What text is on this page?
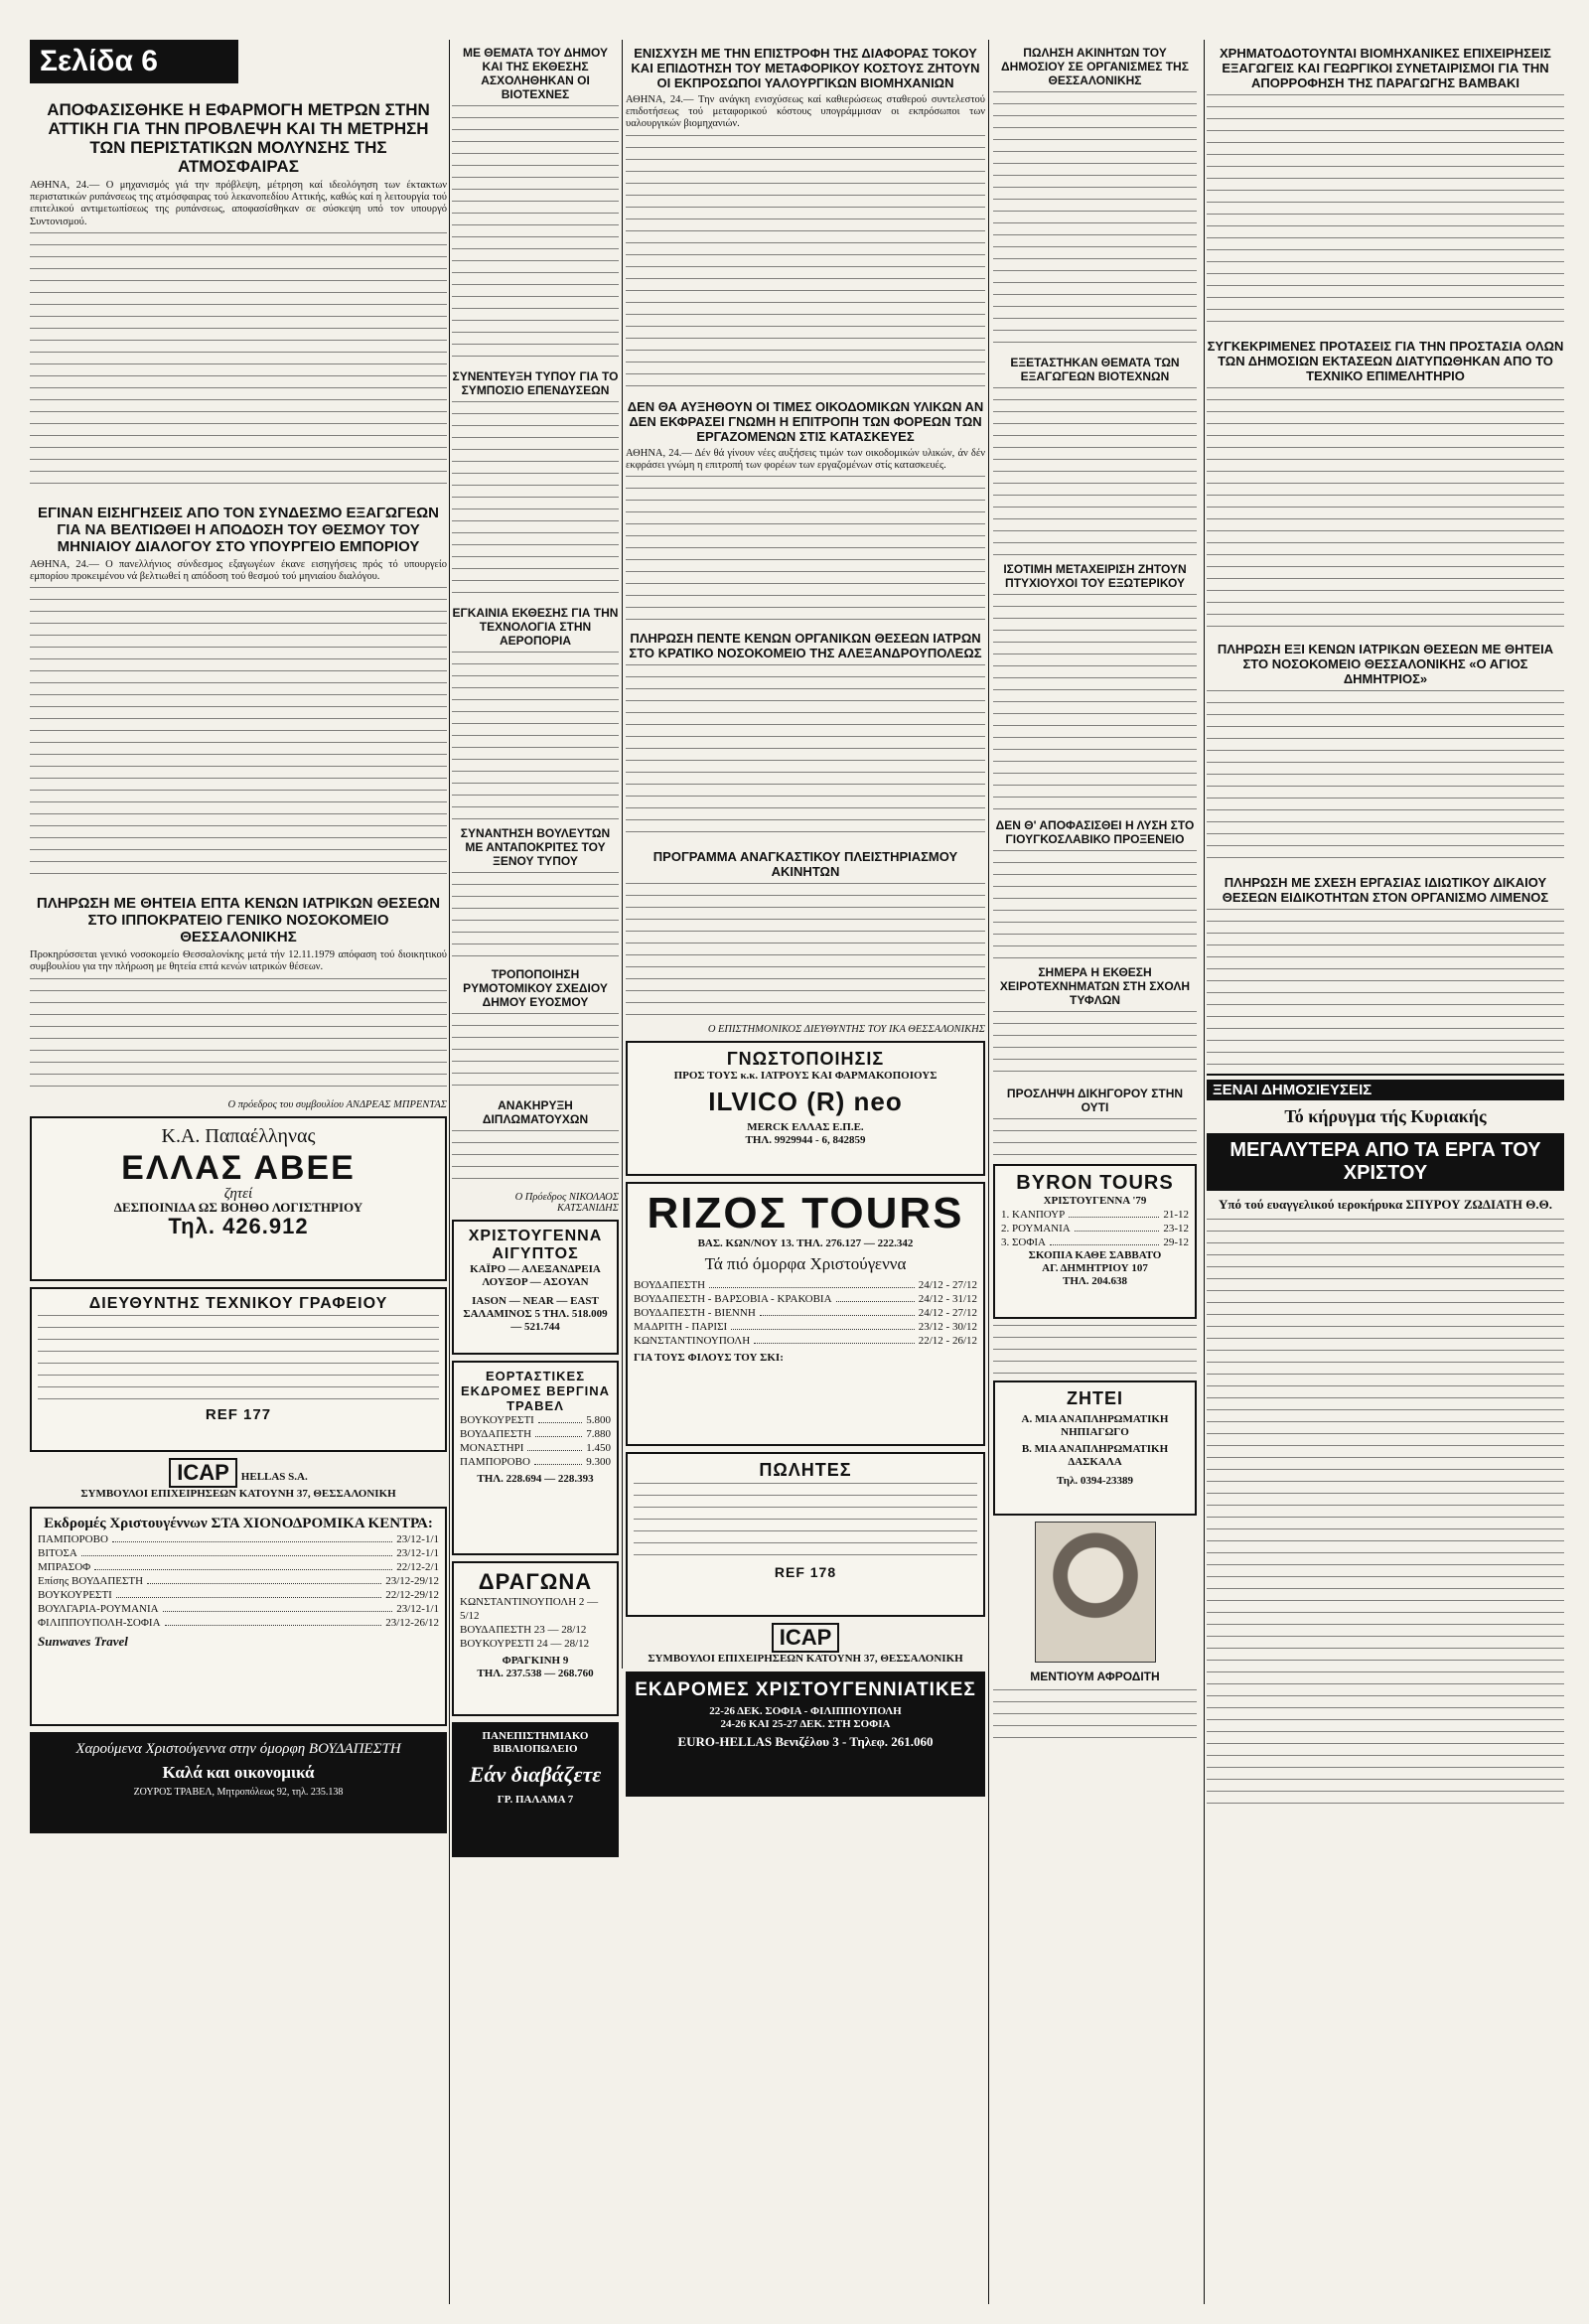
Σελίδα 6
ΑΠΟΦΑΣΙΣΘΗΚΕ Η ΕΦΑΡΜΟΓΗ ΜΕΤΡΩΝ ΣΤΗΝ ΑΤΤΙΚΗ ΓΙΑ ΤΗΝ ΠΡΟΒΛΕΨΗ ΚΑΙ ΤΗ ΜΕΤΡΗΣΗ ΤΩΝ ΠΕΡΙΣΤΑΤΙΚΩΝ ΜΟΛΥΝΣΗΣ ΤΗΣ ΑΤΜΟΣΦΑΙΡΑΣ

ΑΘΗΝΑ, 24.— Ο μηχανισμός γιά την πρόβλεψη, μέτρηση καί ιδεολόγηση των έκτακτων περιστατικών ρυπάνσεως της ατμόσφαιρας τού λεκανοπεδίου Αττικής, καθώς καί η λειτουργία τού επιτελικού αντιμετωπίσεως της ρυπάνσεως, αποφασίσθηκαν σε σύσκεψη υπό τον υπουργό Συντονισμού.

ΕΓΙΝΑΝ ΕΙΣΗΓΗΣΕΙΣ ΑΠΟ ΤΟΝ ΣΥΝΔΕΣΜΟ ΕΞΑΓΩΓΕΩΝ ΓΙΑ ΝΑ ΒΕΛΤΙΩΘΕΙ Η ΑΠΟΔΟΣΗ ΤΟΥ ΘΕΣΜΟΥ ΤΟΥ ΜΗΝΙΑΙΟΥ ΔΙΑΛΟΓΟΥ ΣΤΟ ΥΠΟΥΡΓΕΙΟ ΕΜΠΟΡΙΟΥ

ΑΘΗΝΑ, 24.— Ο πανελλήνιος σύνδεσμος εξαγωγέων έκανε εισηγήσεις πρός τό υπουργείο εμπορίου προκειμένου νά βελτιωθεί η απόδοση τού θεσμού τού μηνιαίου διαλόγου.

ΠΛΗΡΩΣΗ ΜΕ ΘΗΤΕΙΑ ΕΠΤΑ ΚΕΝΩΝ ΙΑΤΡΙΚΩΝ ΘΕΣΕΩΝ ΣΤΟ ΙΠΠΟΚΡΑΤΕΙΟ ΓΕΝΙΚΟ ΝΟΣΟΚΟΜΕΙΟ ΘΕΣΣΑΛΟΝΙΚΗΣ

Προκηρύσσεται γενικό νοσοκομείο Θεσσαλονίκης μετά τήν 12.11.1979 απόφαση τού διοικητικού συμβουλίου για την πλήρωση με θητεία επτά κενών ιατρικών θέσεων.

Ο πρόεδρος του συμβουλίου ΑΝΔΡΕΑΣ ΜΠΡΕΝΤΑΣ
Κ.Α. Παπαέλληνας
ΕΛΛΑΣ ΑΒΕΕ
ζητεί
ΔΕΣΠΟΙΝΙΔΑ ΩΣ ΒΟΗΘΟ ΛΟΓΙΣΤΗΡΙΟΥ
Τηλ. 426.912
ΔΙΕΥΘΥΝΤΗΣ ΤΕΧΝΙΚΟΥ ΓΡΑΦΕΙΟΥ
REF 177
ICAP HELLAS S.A.
ΣΥΜΒΟΥΛΟΙ ΕΠΙΧΕΙΡΗΣΕΩΝ ΚΑΤΟΥΝΗ 37, ΘΕΣΣΑΛΟΝΙΚΗ
Εκδρομές Χριστουγέννων ΣΤΑ ΧΙΟΝΟΔΡΟΜΙΚΑ ΚΕΝΤΡΑ:
ΠΑΜΠΟΡΟΒΟ	23/12-1/1
ΒΙΤΟΣΑ	23/12-1/1
ΜΠΡΑΣΟΦ	22/12-2/1
Επίσης ΒΟΥΔΑΠΕΣΤΗ	23/12-29/12
ΒΟΥΚΟΥΡΕΣΤΙ	22/12-29/12
ΒΟΥΛΓΑΡΙΑ-ΡΟΥΜΑΝΙΑ	23/12-1/1
ΦΙΛΙΠΠΟΥΠΟΛΗ-ΣΟΦΙΑ	23/12-26/12
Sunwaves Travel
Χαρούμενα Χριστούγεννα στην όμορφη ΒΟΥΔΑΠΕΣΤΗ
Καλά και οικονομικά
ΖΟΥΡΟΣ ΤΡΑΒΕΛ, Μητροπόλεως 92, τηλ. 235.138
ΜΕ ΘΕΜΑΤΑ ΤΟΥ ΔΗΜΟΥ ΚΑΙ ΤΗΣ ΕΚΘΕΣΗΣ ΑΣΧΟΛΗΘΗΚΑΝ ΟΙ ΒΙΟΤΕΧΝΕΣ
ΣΥΝΕΝΤΕΥΞΗ ΤΥΠΟΥ ΓΙΑ ΤΟ ΣΥΜΠΟΣΙΟ ΕΠΕΝΔΥΣΕΩΝ
ΕΓΚΑΙΝΙΑ ΕΚΘΕΣΗΣ ΓΙΑ ΤΗΝ ΤΕΧΝΟΛΟΓΙΑ ΣΤΗΝ ΑΕΡΟΠΟΡΙΑ
ΣΥΝΑΝΤΗΣΗ ΒΟΥΛΕΥΤΩΝ ΜΕ ΑΝΤΑΠΟΚΡΙΤΕΣ ΤΟΥ ΞΕΝΟΥ ΤΥΠΟΥ
ΤΡΟΠΟΠΟΙΗΣΗ ΡΥΜΟΤΟΜΙΚΟΥ ΣΧΕΔΙΟΥ ΔΗΜΟΥ ΕΥΟΣΜΟΥ
ΑΝΑΚΗΡΥΞΗ ΔΙΠΛΩΜΑΤΟΥΧΩΝ
Ο Πρόεδρος ΝΙΚΟΛΑΟΣ ΚΑΤΣΑΝΙΔΗΣ
ΧΡΙΣΤΟΥΓΕΝΝΑ ΑΙΓΥΠΤΟΣ
ΚΑΪΡΟ — ΑΛΕΞΑΝΔΡΕΙΑ ΛΟΥΞΟΡ — ΑΣΟΥΑΝ
IASON — NEAR — EAST ΣΑΛΑΜΙΝΟΣ 5 ΤΗΛ. 518.009 — 521.744
ΕΟΡΤΑΣΤΙΚΕΣ ΕΚΔΡΟΜΕΣ ΒΕΡΓΙΝΑ ΤΡΑΒΕΛ
ΒΟΥΚΟΥΡΕΣΤΙ	5.800
ΒΟΥΔΑΠΕΣΤΗ	7.880
ΜΟΝΑΣΤΗΡΙ	1.450
ΠΑΜΠΟΡΟΒΟ	9.300
ΤΗΛ. 228.694 — 228.393
ΔΡΑΓΩΝΑ
ΚΩΝΣΤΑΝΤΙΝΟΥΠΟΛΗ 2 — 5/12
ΒΟΥΔΑΠΕΣΤΗ 23 — 28/12
ΒΟΥΚΟΥΡΕΣΤΙ 24 — 28/12
ΦΡΑΓΚΙΝΗ 9
ΤΗΛ. 237.538 — 268.760
ΠΑΝΕΠΙΣΤΗΜΙΑΚΟ ΒΙΒΛΙΟΠΩΛΕΙΟ
Εάν διαβάζετε
ΓΡ. ΠΑΛΑΜΑ 7
ΕΝΙΣΧΥΣΗ ΜΕ ΤΗΝ ΕΠΙΣΤΡΟΦΗ ΤΗΣ ΔΙΑΦΟΡΑΣ ΤΟΚΟΥ ΚΑΙ ΕΠΙΔΟΤΗΣΗ ΤΟΥ ΜΕΤΑΦΟΡΙΚΟΥ ΚΟΣΤΟΥΣ ΖΗΤΟΥΝ ΟΙ ΕΚΠΡΟΣΩΠΟΙ ΥΑΛΟΥΡΓΙΚΩΝ ΒΙΟΜΗΧΑΝΙΩΝ

ΑΘΗΝΑ, 24.— Την ανάγκη ενισχύσεως καί καθιερώσεως σταθερού συντελεστού επιδοτήσεως τού μεταφορικού κόστους υπογράμμισαν οι εκπρόσωποι των υαλουργικών βιομηχανιών.

ΔΕΝ ΘΑ ΑΥΞΗΘΟΥΝ ΟΙ ΤΙΜΕΣ ΟΙΚΟΔΟΜΙΚΩΝ ΥΛΙΚΩΝ ΑΝ ΔΕΝ ΕΚΦΡΑΣΕΙ ΓΝΩΜΗ Η ΕΠΙΤΡΟΠΗ ΤΩΝ ΦΟΡΕΩΝ ΤΩΝ ΕΡΓΑΖΟΜΕΝΩΝ ΣΤΙΣ ΚΑΤΑΣΚΕΥΕΣ

ΑΘΗΝΑ, 24.— Δέν θά γίνουν νέες αυξήσεις τιμών των οικοδομικών υλικών, άν δέν εκφράσει γνώμη η επιτροπή των φορέων των εργαζομένων στίς κατασκευές.

ΠΛΗΡΩΣΗ ΠΕΝΤΕ ΚΕΝΩΝ ΟΡΓΑΝΙΚΩΝ ΘΕΣΕΩΝ ΙΑΤΡΩΝ ΣΤΟ ΚΡΑΤΙΚΟ ΝΟΣΟΚΟΜΕΙΟ ΤΗΣ ΑΛΕΞΑΝΔΡΟΥΠΟΛΕΩΣ
ΠΡΟΓΡΑΜΜΑ ΑΝΑΓΚΑΣΤΙΚΟΥ ΠΛΕΙΣΤΗΡΙΑΣΜΟΥ ΑΚΙΝΗΤΩΝ
Ο ΕΠΙΣΤΗΜΟΝΙΚΟΣ ΔΙΕΥΘΥΝΤΗΣ ΤΟΥ ΙΚΑ ΘΕΣΣΑΛΟΝΙΚΗΣ
ΓΝΩΣΤΟΠΟΙΗΣΙΣ
ΠΡΟΣ ΤΟΥΣ κ.κ. ΙΑΤΡΟΥΣ ΚΑΙ ΦΑΡΜΑΚΟΠΟΙΟΥΣ
ILVICO (R) neo
MERCK ΕΛΛΑΣ Ε.Π.Ε.
ΤΗΛ. 9929944 - 6, 842859
RIZOΣ TOURS
ΒΑΣ. ΚΩΝ/ΝΟΥ 13. ΤΗΛ. 276.127 — 222.342
Τά πιό όμορφα Χριστούγεννα
ΒΟΥΔΑΠΕΣΤΗ	24/12 - 27/12
ΒΟΥΔΑΠΕΣΤΗ - ΒΑΡΣΟΒΙΑ - ΚΡΑΚΟΒΙΑ	24/12 - 31/12
ΒΟΥΔΑΠΕΣΤΗ - ΒΙΕΝΝΗ	24/12 - 27/12
ΜΑΔΡΙΤΗ - ΠΑΡΙΣΙ	23/12 - 30/12
ΚΩΝΣΤΑΝΤΙΝΟΥΠΟΛΗ	22/12 - 26/12
ΓΙΑ ΤΟΥΣ ΦΙΛΟΥΣ ΤΟΥ ΣΚΙ:
ΠΩΛΗΤΕΣ
REF 178
ICAP
ΣΥΜΒΟΥΛΟΙ ΕΠΙΧΕΙΡΗΣΕΩΝ ΚΑΤΟΥΝΗ 37, ΘΕΣΣΑΛΟΝΙΚΗ
ΕΚΔΡΟΜΕΣ ΧΡΙΣΤΟΥΓΕΝΝΙΑΤΙΚΕΣ
22-26 ΔΕΚ. ΣΟΦΙΑ - ΦΙΛΙΠΠΟΥΠΟΛΗ
24-26 ΚΑΙ 25-27 ΔΕΚ. ΣΤΗ ΣΟΦΙΑ
EURO-HELLAS Βενιζέλου 3 - Τηλεφ. 261.060
ΠΩΛΗΣΗ ΑΚΙΝΗΤΩΝ ΤΟΥ ΔΗΜΟΣΙΟΥ ΣΕ ΟΡΓΑΝΙΣΜΕΣ ΤΗΣ ΘΕΣΣΑΛΟΝΙΚΗΣ
ΕΞΕΤΑΣΤΗΚΑΝ ΘΕΜΑΤΑ ΤΩΝ ΕΞΑΓΩΓΕΩΝ ΒΙΟΤΕΧΝΩΝ
ΙΣΟΤΙΜΗ ΜΕΤΑΧΕΙΡΙΣΗ ΖΗΤΟΥΝ ΠΤΥΧΙΟΥΧΟΙ ΤΟΥ ΕΞΩΤΕΡΙΚΟΥ
ΔΕΝ Θ' ΑΠΟΦΑΣΙΣΘΕΙ Η ΛΥΣΗ ΣΤΟ ΓΙΟΥΓΚΟΣΛΑΒΙΚΟ ΠΡΟΞΕΝΕΙΟ
ΣΗΜΕΡΑ Η ΕΚΘΕΣΗ ΧΕΙΡΟΤΕΧΝΗΜΑΤΩΝ ΣΤΗ ΣΧΟΛΗ ΤΥΦΛΩΝ
ΠΡΟΣΛΗΨΗ ΔΙΚΗΓΟΡΟΥ ΣΤΗΝ ΟΥΤΙ
BYRON TOURS
ΧΡΙΣΤΟΥΓΕΝΝΑ '79
1. ΚΑΝΠΟΥΡ	21-12
2. ΡΟΥΜΑΝΙΑ	23-12
3. ΣΟΦΙΑ	29-12
ΣΚΟΠΙΑ ΚΑΘΕ ΣΑΒΒΑΤΟ
ΑΓ. ΔΗΜΗΤΡΙΟΥ 107
ΤΗΛ. 204.638
ΖΗΤΕΙ
Α. ΜΙΑ ΑΝΑΠΛΗΡΩΜΑΤΙΚΗ ΝΗΠΙΑΓΩΓΟ
Β. ΜΙΑ ΑΝΑΠΛΗΡΩΜΑΤΙΚΗ ΔΑΣΚΑΛΑ
Τηλ. 0394-23389
ΜΕΝΤΙΟΥΜ ΑΦΡΟΔΙΤΗ
ΧΡΗΜΑΤΟΔΟΤΟΥΝΤΑΙ ΒΙΟΜΗΧΑΝΙΚΕΣ ΕΠΙΧΕΙΡΗΣΕΙΣ ΕΞΑΓΩΓΕΙΣ ΚΑΙ ΓΕΩΡΓΙΚΟΙ ΣΥΝΕΤΑΙΡΙΣΜΟΙ ΓΙΑ ΤΗΝ ΑΠΟΡΡΟΦΗΣΗ ΤΗΣ ΠΑΡΑΓΩΓΗΣ ΒΑΜΒΑΚΙ
ΣΥΓΚΕΚΡΙΜΕΝΕΣ ΠΡΟΤΑΣΕΙΣ ΓΙΑ ΤΗΝ ΠΡΟΣΤΑΣΙΑ ΟΛΩΝ ΤΩΝ ΔΗΜΟΣΙΩΝ ΕΚΤΑΣΕΩΝ ΔΙΑΤΥΠΩΘΗΚΑΝ ΑΠΟ ΤΟ ΤΕΧΝΙΚΟ ΕΠΙΜΕΛΗΤΗΡΙΟ
ΠΛΗΡΩΣΗ ΕΞΙ ΚΕΝΩΝ ΙΑΤΡΙΚΩΝ ΘΕΣΕΩΝ ΜΕ ΘΗΤΕΙΑ ΣΤΟ ΝΟΣΟΚΟΜΕΙΟ ΘΕΣΣΑΛΟΝΙΚΗΣ «Ο ΑΓΙΟΣ ΔΗΜΗΤΡΙΟΣ»
ΠΛΗΡΩΣΗ ΜΕ ΣΧΕΣΗ ΕΡΓΑΣΙΑΣ ΙΔΙΩΤΙΚΟΥ ΔΙΚΑΙΟΥ ΘΕΣΕΩΝ ΕΙΔΙΚΟΤΗΤΩΝ ΣΤΟΝ ΟΡΓΑΝΙΣΜΟ ΛΙΜΕΝΟΣ
ΞΕΝΑΙ ΔΗΜΟΣΙΕΥΣΕΙΣ
Τό κήρυγμα τής Κυριακής
ΜΕΓΑΛΥΤΕΡΑ ΑΠΟ ΤΑ ΕΡΓΑ ΤΟΥ ΧΡΙΣΤΟΥ
Υπό τού ευαγγελικού ιεροκήρυκα ΣΠΥΡΟΥ ΖΩΔΙΑΤΗ Θ.Θ.
